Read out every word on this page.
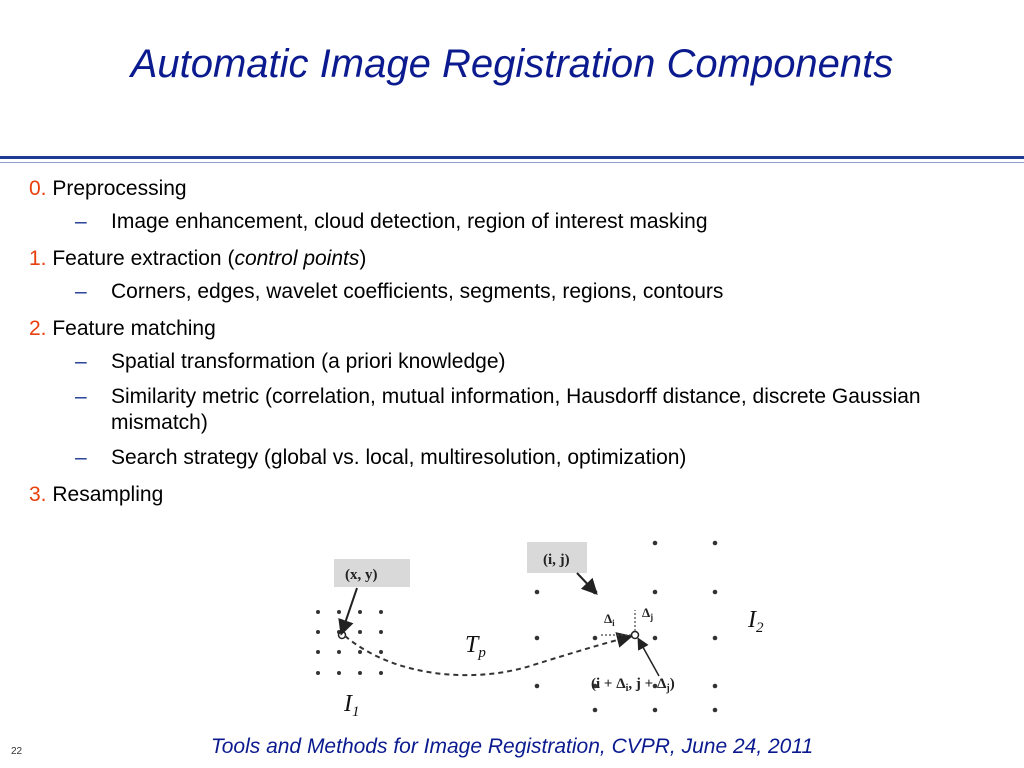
Automatic Image Registration Components
0. Preprocessing
– Image enhancement, cloud detection, region of interest masking
1. Feature extraction (control points)
– Corners, edges, wavelet coefficients, segments, regions, contours
2. Feature matching
– Spatial transformation (a priori knowledge)
– Similarity metric (correlation, mutual information, Hausdorff distance, discrete Gaussian mismatch)
– Search strategy (global vs. local, multiresolution, optimization)
3. Resampling
(x, y)
(i, j)
$\Delta_i$
$\Delta_j$
$T_p$
($i + \Delta_i$, $j + \Delta_j$)
$I_2$
$I_1$
Tools and Methods for Image Registration, CVPR, June 24, 2011
22
